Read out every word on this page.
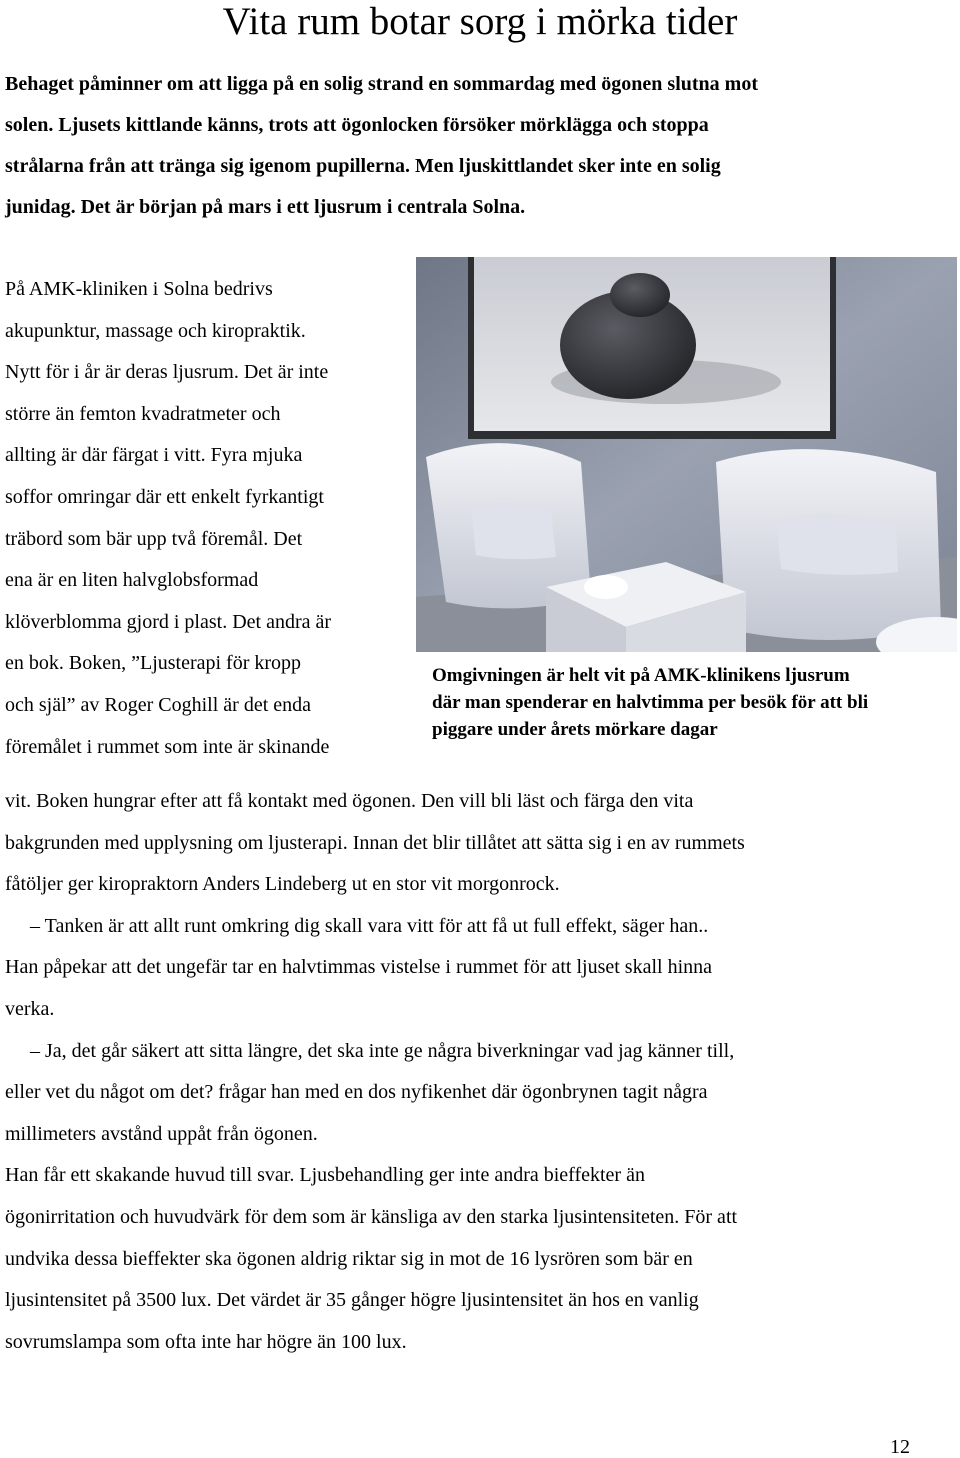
Vita rum botar sorg i mörka tider

Behaget påminner om att ligga på en solig strand en sommardag med ögonen slutna mot
solen. Ljusets kittlande känns, trots att ögonlocken försöker mörklägga och stoppa
strålarna från att tränga sig igenom pupillerna. Men ljuskittlandet sker inte en solig
junidag. Det är början på mars i ett ljusrum i centrala Solna.

På AMK-kliniken i Solna bedrivs
akupunktur, massage och kiropraktik.
Nytt för i år är deras ljusrum. Det är inte
större än femton kvadratmeter och
allting är där färgat i vitt. Fyra mjuka
soffor omringar där ett enkelt fyrkantigt
träbord som bär upp två föremål. Det
ena är en liten halvglobsformad
klöverblomma gjord i plast. Det andra är
en bok. Boken, ”Ljusterapi för kropp
och själ” av Roger Coghill är det enda
föremålet i rummet som inte är skinande

Omgivningen är helt vit på AMK-klinikens ljusrum
där man spenderar en halvtimma per besök för att bli
piggare under årets mörkare dagar

vit. Boken hungrar efter att få kontakt med ögonen. Den vill bli läst och färga den vita
bakgrunden med upplysning om ljusterapi. Innan det blir tillåtet att sätta sig i en av rummets
fåtöljer ger kiropraktorn Anders Lindeberg ut en stor vit morgonrock.
– Tanken är att allt runt omkring dig skall vara vitt för att få ut full effekt, säger han..
Han påpekar att det ungefär tar en halvtimmas vistelse i rummet för att ljuset skall hinna
verka.
– Ja, det går säkert att sitta längre, det ska inte ge några biverkningar vad jag känner till,
eller vet du något om det? frågar han med en dos nyfikenhet där ögonbrynen tagit några
millimeters avstånd uppåt från ögonen.
Han får ett skakande huvud till svar. Ljusbehandling ger inte andra bieffekter än
ögonirritation och huvudvärk för dem som är känsliga av den starka ljusintensiteten. För att
undvika dessa bieffekter ska ögonen aldrig riktar sig in mot de 16 lysrören som bär en
ljusintensitet på 3500 lux. Det värdet är 35 gånger högre ljusintensitet än hos en vanlig
sovrumslampa som ofta inte har högre än 100 lux.

12
